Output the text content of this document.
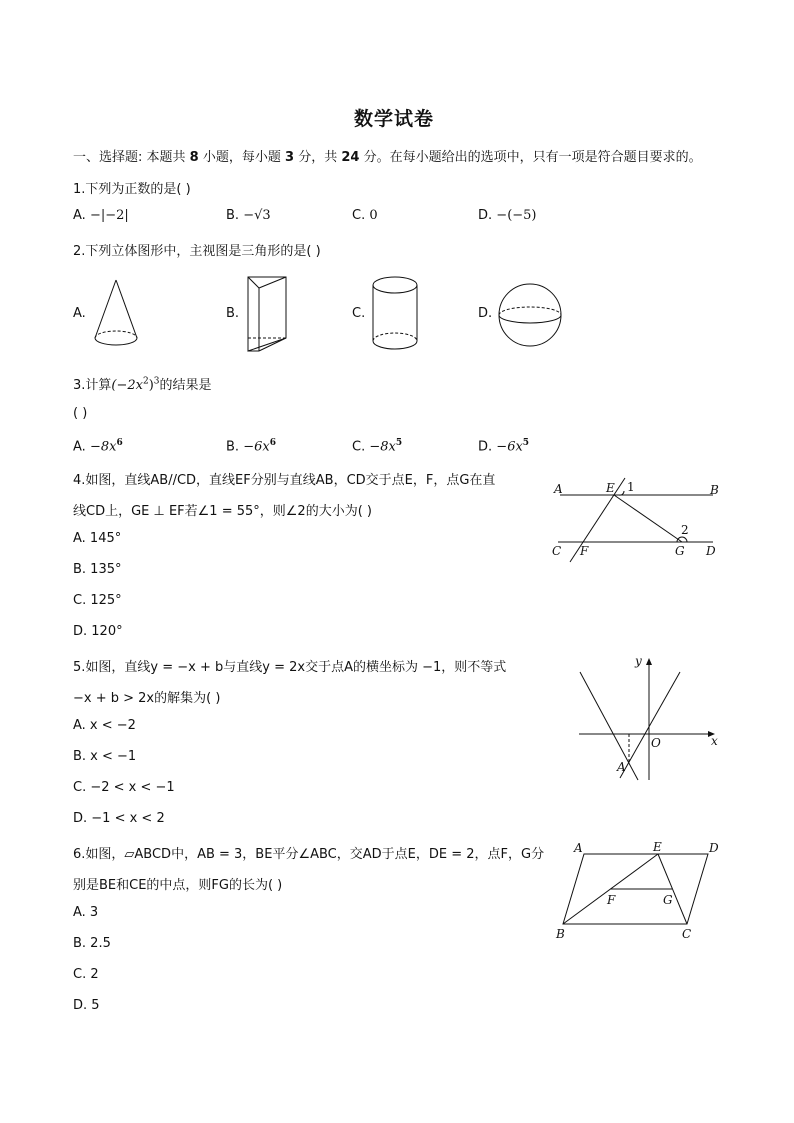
数学试卷
一、选择题: 本题共 8 小题，每小题 3 分，共 24 分。在每小题给出的选项中，只有一项是符合题目要求的。
1.下列为正数的是( )
A. −|−2|	B. −√3	C. 0	D. −(−5)
2.下列立体图形中，主视图是三角形的是( )
A.	B.	C.	D.
3.计算$(-2x^2)^3$的结果是
( )
A. $-8x^6$	B. $-6x^6$	C. $-8x^5$	D. $-6x^5$
4.如图，直线AB//CD，直线EF分别与直线AB，CD交于点E，F，点G在直
线CD上，GE ⊥ EF若∠1 = 55°，则∠2的大小为( )
A. 145°
B. 135°
C. 125°
D. 120°
A	E 1	B
2
C F	G D
5.如图，直线y = −x + b与直线y = 2x交于点A的横坐标为 −1，则不等式
−x + b > 2x的解集为( )
A. x < −2
B. x < −1
C. −2 < x < −1
D. −1 < x < 2
y
x
O
A
6.如图，▱ABCD中，AB = 3，BE平分∠ABC，交AD于点E，DE = 2，点F，G分
别是BE和CE的中点，则FG的长为( )
A. 3
B. 2.5
C. 2
D. 5
A	E	D
F	G
B	C
